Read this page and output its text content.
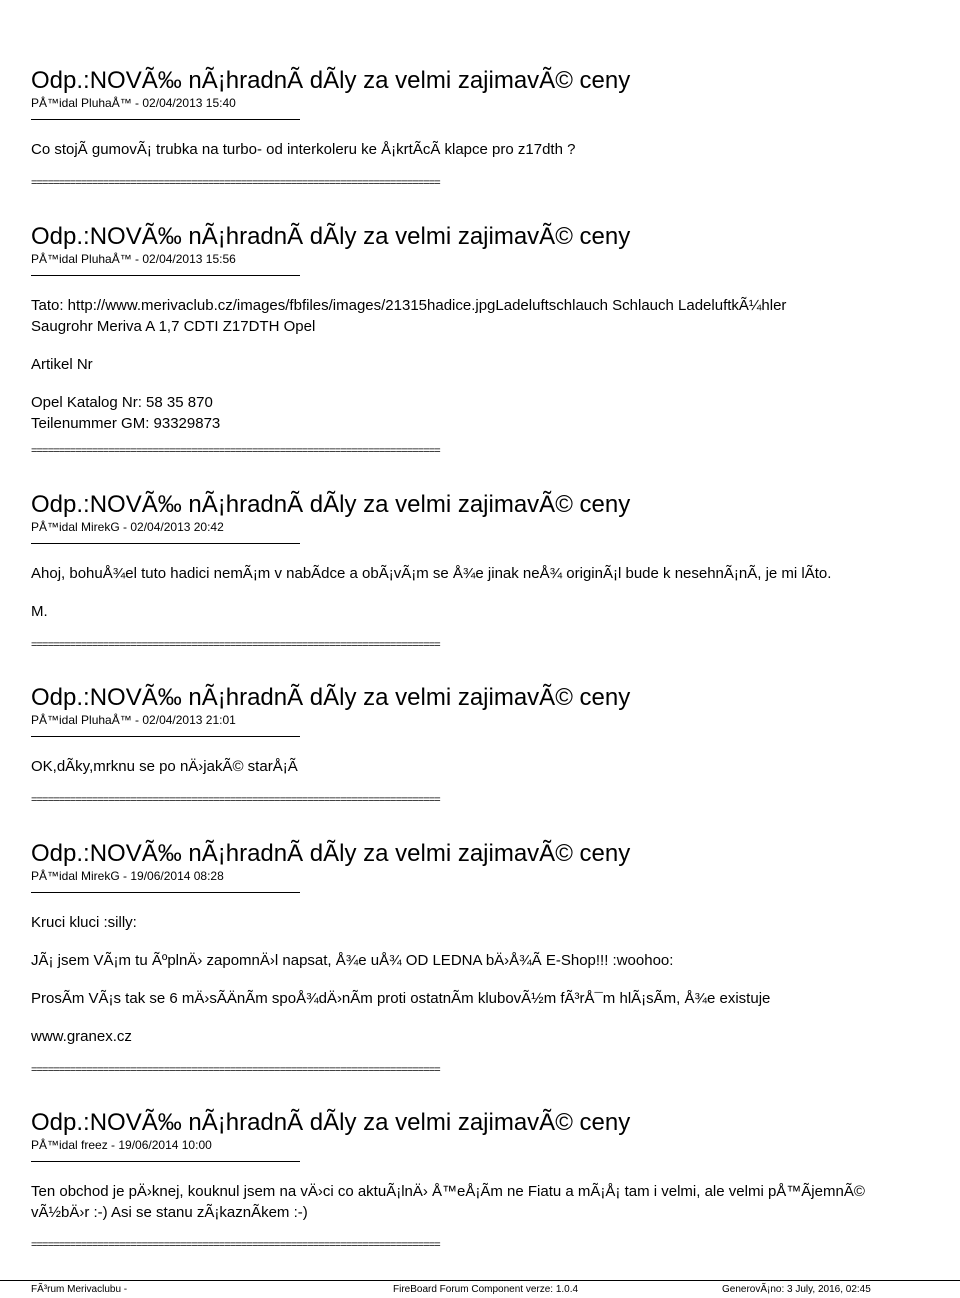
Odp.:NOVÃ‰ nÃ¡hradnÃ dÃly za velmi zajimavÃ© ceny
PÅ™idal PluhaÅ™ - 02/04/2013 15:40
Co stojÃ gumovÃ¡ trubka na turbo- od interkoleru ke Å¡krtÃcÃ klapce pro z17dth ?
==========================================================================
Odp.:NOVÃ‰ nÃ¡hradnÃ dÃly za velmi zajimavÃ© ceny
PÅ™idal PluhaÅ™ - 02/04/2013 15:56
Tato: http://www.merivaclub.cz/images/fbfiles/images/21315hadice.jpgLadeluftschlauch Schlauch LadeluftkÃ¼hler
Saugrohr Meriva A 1,7 CDTI Z17DTH Opel
Artikel Nr
Opel Katalog Nr: 58 35 870
Teilenummer GM: 93329873
==========================================================================
Odp.:NOVÃ‰ nÃ¡hradnÃ dÃly za velmi zajimavÃ© ceny
PÅ™idal MirekG - 02/04/2013 20:42
Ahoj, bohuÅ¾el tuto hadici nemÃ¡m v nabÃdce a obÃ¡vÃ¡m se Å¾e jinak neÅ¾ originÃ¡l bude k nesehnÃ¡nÃ, je mi lÃto.
M.
==========================================================================
Odp.:NOVÃ‰ nÃ¡hradnÃ dÃly za velmi zajimavÃ© ceny
PÅ™idal PluhaÅ™ - 02/04/2013 21:01
OK,dÃky,mrknu se po nÄ›jakÃ© starÅ¡Ã
==========================================================================
Odp.:NOVÃ‰ nÃ¡hradnÃ dÃly za velmi zajimavÃ© ceny
PÅ™idal MirekG - 19/06/2014 08:28
Kruci kluci :silly:
JÃ¡ jsem VÃ¡m tu ÃºplnÄ› zapomnÄ›l napsat, Å¾e uÅ¾ OD LEDNA bÄ›Å¾Ã E-Shop!!! :woohoo:
ProsÃm VÃ¡s tak se 6 mÄ›sÃÄnÃm spoÅ¾dÄ›nÃm proti ostatnÃm klubovÃ½m fÃ³rÅ¯m hlÃ¡sÃm, Å¾e existuje
www.granex.cz
==========================================================================
Odp.:NOVÃ‰ nÃ¡hradnÃ dÃly za velmi zajimavÃ© ceny
PÅ™idal freez - 19/06/2014 10:00
Ten obchod je pÄ›knej, kouknul jsem na vÄ›ci co aktuÃ¡lnÄ› Å™eÅ¡Ãm ne Fiatu a mÃ¡Å¡ tam i velmi, ale velmi pÅ™ÃjemnÃ©
vÃ½bÄ›r :-) Asi se stanu zÃ¡kaznÃkem :-)
==========================================================================
FÃ³rum Merivaclubu -	FireBoard Forum Component verze: 1.0.4	GenerovÃ¡no: 3 July, 2016, 02:45
